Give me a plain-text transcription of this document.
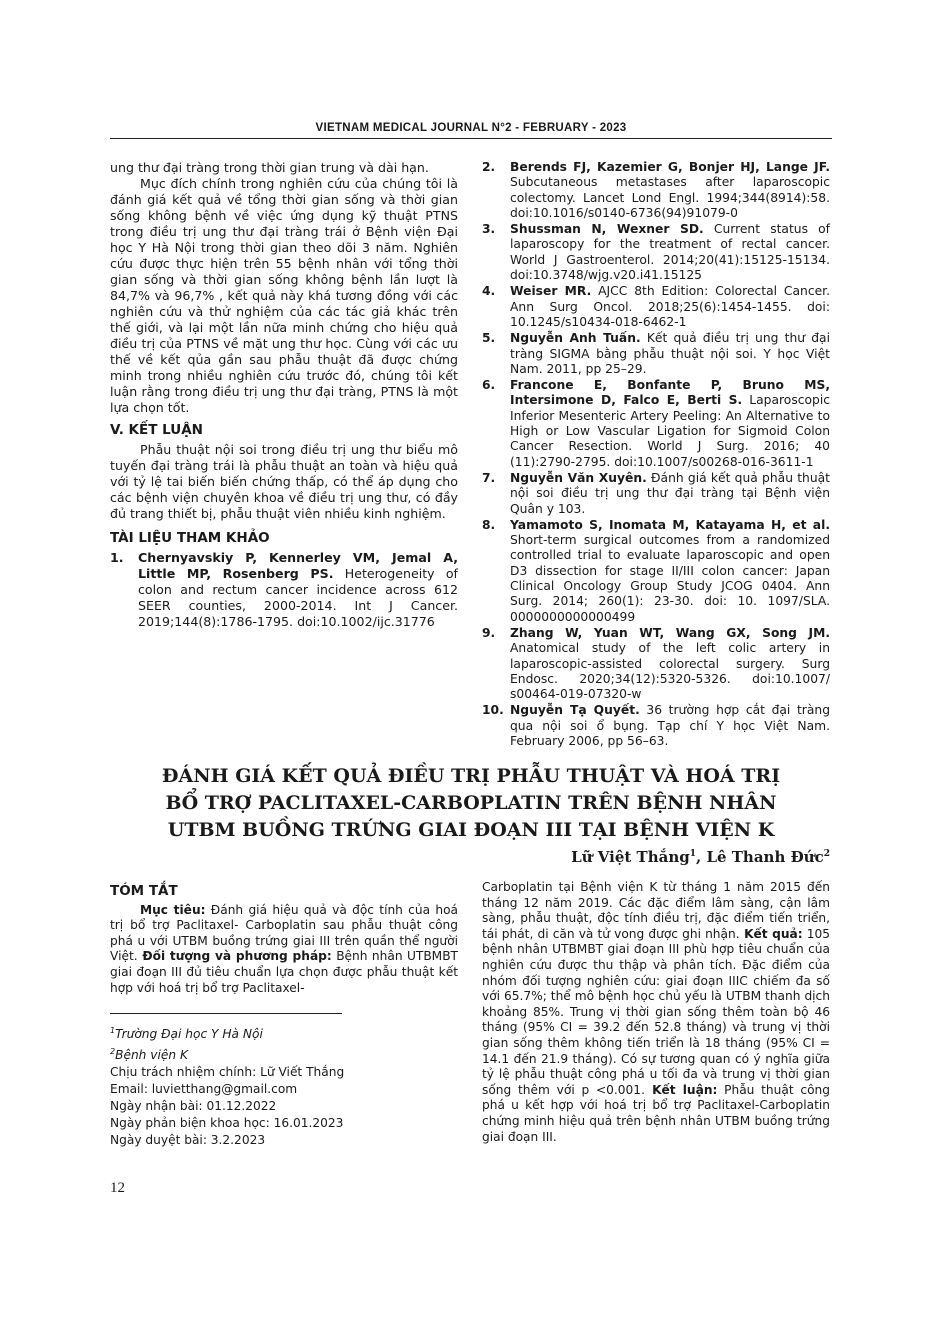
VIETNAM MEDICAL JOURNAL N°2 - FEBRUARY - 2023

ung thư đại tràng trong thời gian trung và dài hạn.

Mục đích chính trong nghiên cứu của chúng tôi là đánh giá kết quả về tổng thời gian sống và thời gian sống không bệnh về việc ứng dụng kỹ thuật PTNS trong điều trị ung thư đại tràng trái ở Bệnh viện Đại học Y Hà Nội trong thời gian theo dõi 3 năm. Nghiên cứu được thực hiện trên 55 bệnh nhân với tổng thời gian sống và thời gian sống không bệnh lần lượt là 84,7% và 96,7% , kết quả này khá tương đồng với các nghiên cứu và thử nghiệm của các tác giả khác trên thế giới, và lại một lần nữa minh chứng cho hiệu quả điều trị của PTNS về mặt ung thư học. Cùng với các ưu thế về kết qủa gần sau phẫu thuật đã được chứng minh trong nhiều nghiên cứu trước đó, chúng tôi kết luận rằng trong điều trị ung thư đại tràng, PTNS là một lựa chọn tốt.

V. KẾT LUẬN

Phẫu thuật nội soi trong điều trị ung thư biểu mô tuyến đại tràng trái là phẫu thuật an toàn và hiệu quả với tỷ lệ tai biến biến chứng thấp, có thể áp dụng cho các bệnh viện chuyên khoa về điều trị ung thư, có đầy đủ trang thiết bị, phẫu thuật viên nhiều kinh nghiệm.

TÀI LIỆU THAM KHẢO
1.	Chernyavskiy P, Kennerley VM, Jemal A, Little MP, Rosenberg PS. Heterogeneity of colon and rectum cancer incidence across 612 SEER counties, 2000-2014. Int J Cancer. 2019;144(8):1786-1795. doi:10.1002/ijc.31776
2.	Berends FJ, Kazemier G, Bonjer HJ, Lange JF. Subcutaneous metastases after laparoscopic colectomy. Lancet Lond Engl. 1994;344(8914):58. doi:10.1016/s0140-6736(94)91079-0
3.	Shussman N, Wexner SD. Current status of laparoscopy for the treatment of rectal cancer. World J Gastroenterol. 2014;20(41):15125-15134. doi:10.3748/wjg.v20.i41.15125
4.	Weiser MR. AJCC 8th Edition: Colorectal Cancer. Ann Surg Oncol. 2018;25(6):1454-1455. doi: 10.1245/s10434-018-6462-1
5.	Nguyễn Anh Tuấn. Kết quả điều trị ung thư đại tràng SIGMA bằng phẫu thuật nội soi. Y học Việt Nam. 2011, pp 25–29.
6.	Francone E, Bonfante P, Bruno MS, Intersimone D, Falco E, Berti S. Laparoscopic Inferior Mesenteric Artery Peeling: An Alternative to High or Low Vascular Ligation for Sigmoid Colon Cancer Resection. World J Surg. 2016; 40 (11):2790-2795. doi:10.1007/s00268-016-3611-1
7.	Nguyễn Văn Xuyên. Đánh giá kết quả phẫu thuật nội soi điều trị ung thư đại tràng tại Bệnh viện Quân y 103.
8.	Yamamoto S, Inomata M, Katayama H, et al. Short-term surgical outcomes from a randomized controlled trial to evaluate laparoscopic and open D3 dissection for stage II/III colon cancer: Japan Clinical Oncology Group Study JCOG 0404. Ann Surg. 2014; 260(1): 23-30. doi: 10. 1097/SLA. 0000000000000499
9.	Zhang W, Yuan WT, Wang GX, Song JM. Anatomical study of the left colic artery in laparoscopic-assisted colorectal surgery. Surg Endosc. 2020;34(12):5320-5326. doi:10.1007/ s00464-019-07320-w
10. Nguyễn Tạ Quyết. 36 trường hợp cắt đại tràng qua nội soi ổ bụng. Tạp chí Y học Việt Nam. February 2006, pp 56–63.
ĐÁNH GIÁ KẾT QUẢ ĐIỀU TRỊ PHẪU THUẬT VÀ HOÁ TRỊ
BỔ TRỢ PACLITAXEL-CARBOPLATIN TRÊN BỆNH NHÂN
UTBM BUỒNG TRỨNG GIAI ĐOẠN III TẠI BỆNH VIỆN K
Lữ Việt Thắng$^1$, Lê Thanh Đức$^2$
TÓM TẮT

Mục tiêu: Đánh giá hiệu quả và độc tính của hoá trị bổ trợ Paclitaxel- Carboplatin sau phẫu thuật công phá u với UTBM buồng trứng giai III trên quần thể người Việt. Đối tượng và phương pháp: Bệnh nhân UTBMBT giai đoạn III đủ tiêu chuẩn lựa chọn được phẫu thuật kết hợp với hoá trị bổ trợ Paclitaxel-

Carboplatin tại Bệnh viện K từ tháng 1 năm 2015 đến tháng 12 năm 2019. Các đặc điểm lâm sàng, cận lâm sàng, phẫu thuật, độc tính điều trị, đặc điểm tiến triển, tái phát, di căn và tử vong được ghi nhận. Kết quả: 105 bệnh nhân UTBMBT giai đoạn III phù hợp tiêu chuẩn của nghiên cứu được thu thập và phân tích. Đặc điểm của nhóm đối tượng nghiên cứu: giai đoạn IIIC chiếm đa số với 65.7%; thể mô bệnh học chủ yếu là UTBM thanh dịch khoảng 85%. Trung vị thời gian sống thêm toàn bộ 46 tháng (95% CI = 39.2 đến 52.8 tháng) và trung vị thời gian sống thêm không tiến triển là 18 tháng (95% CI = 14.1 đến 21.9 tháng). Có sự tương quan có ý nghĩa giữa tỷ lệ phẫu thuật công phá u tối đa và trung vị thời gian sống thêm với p <0.001. Kết luận: Phẫu thuật công phá u kết hợp với hoá trị bổ trợ Paclitaxel-Carboplatin chứng minh hiệu quả trên bệnh nhân UTBM buồng trứng giai đoạn III.

$^1$Trường Đại học Y Hà Nội
$^2$Bệnh viện K
Chịu trách nhiệm chính: Lữ Viết Thắng
Email: luvietthang@gmail.com
Ngày nhận bài: 01.12.2022
Ngày phản biện khoa học: 16.01.2023
Ngày duyệt bài: 3.2.2023
12
